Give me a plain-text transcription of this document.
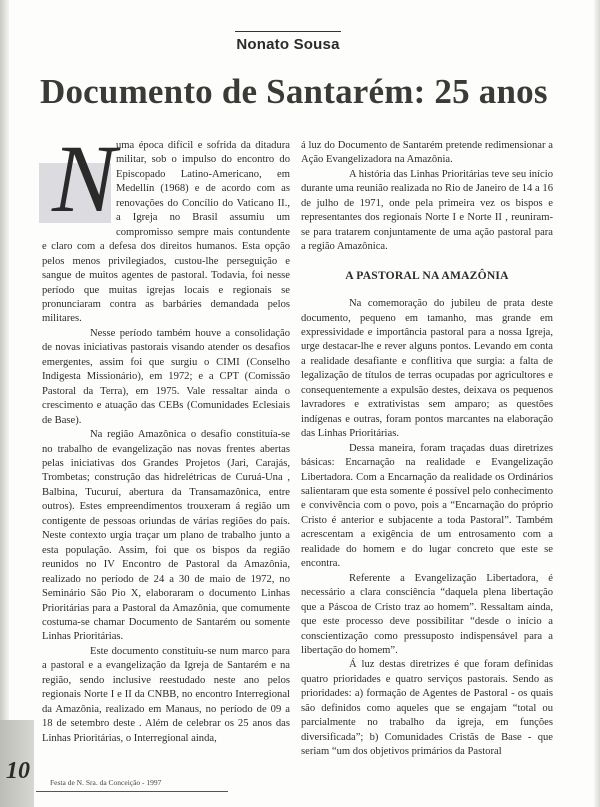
Nonato Sousa
Documento de Santarém: 25 anos
N uma época difícil e sofrida da ditadura militar, sob o impulso do encontro do Episcopado Latino-Americano, em Medellín (1968) e de acordo com as renovações do Concílio do Vaticano II., a Igreja no Brasil assumiu um compromisso sempre mais contundente e claro com a defesa dos direitos humanos. Esta opção pelos menos privilegiados, custou-lhe perseguição e sangue de muitos agentes de pastoral. Todavia, foi nesse período que muitas igrejas locais e regionais se pronunciaram contra as barbáries demandada pelos militares.

Nesse período também houve a consolidação de novas iniciativas pastorais visando atender os desafios emergentes, assim foi que surgiu o CIMI (Conselho Indigesta Missionário), em 1972; e a CPT (Comissão Pastoral da Terra), em 1975. Vale ressaltar ainda o crescimento e atuação das CEBs (Comunidades Eclesiais de Base).

Na região Amazônica o desafio constituía-se no trabalho de evangelização nas novas frentes abertas pelas iniciativas dos Grandes Projetos (Jari, Carajás, Trombetas; construção das hidrelétricas de Curuá-Una , Balbina, Tucuruí, abertura da Transamazônica, entre outros). Estes empreendimentos trouxeram á região um contigente de pessoas oriundas de várias regiões do país. Neste contexto urgia traçar um plano de trabalho junto a esta população. Assim, foi que os bispos da região reunidos no IV Encontro de Pastoral da Amazônia, realizado no período de 24 a 30 de maio de 1972, no Seminário São Pio X, elaboraram o documento Linhas Prioritárias para a Pastoral da Amazônia, que comumente costuma-se chamar Documento de Santarém ou somente Linhas Prioritárias.

Este documento constituiu-se num marco para a pastoral e a evangelização da Igreja de Santarém e na região, sendo inclusive reestudado neste ano pelos regionais Norte I e II da CNBB, no encontro Interregional da Amazônia, realizado em Manaus, no período de 09 a 18 de setembro deste . Além de celebrar os 25 anos das Linhas Prioritárias, o Interregional ainda,

á luz do Documento de Santarém pretende redimensionar a Ação Evangelizadora na Amazônia.

A história das Linhas Prioritárias teve seu início durante uma reunião realizada no Rio de Janeiro de 14 a 16 de julho de 1971, onde pela primeira vez os bispos e representantes dos regionais Norte I e Norte II , reuniram-se para tratarem conjuntamente de uma ação pastoral para a região Amazônica.

A PASTORAL NA AMAZÔNIA

Na comemoração do jubileu de prata deste documento, pequeno em tamanho, mas grande em expressividade e importância pastoral para a nossa Igreja, urge destacar-lhe e rever alguns pontos. Levando em conta a realidade desafiante e conflitiva que surgia: a falta de legalização de títulos de terras ocupadas por agricultores e consequentemente a expulsão destes, deixava os pequenos lavradores e extrativistas sem amparo; as questões indígenas e outras, foram pontos marcantes na elaboração das Linhas Prioritárias.

Dessa maneira, foram traçadas duas diretrizes básicas: Encarnação na realidade e Evangelização Libertadora. Com a Encarnação da realidade os Ordinários salientaram que esta somente é possível pelo conhecimento e convivência com o povo, pois a “Encarnação do próprio Cristo é anterior e subjacente a toda Pastoral”. Também acrescentam a exigência de um entrosamento com a realidade do homem e do lugar concreto que este se encontra.

Referente a Evangelização Libertadora, é necessário a clara consciência “daquela plena libertação que a Páscoa de Cristo traz ao homem”. Ressaltam ainda, que este processo deve possibilitar “desde o início a conscientização como pressuposto indispensável para a libertação do homem”.

Á luz destas diretrizes é que foram definidas quatro prioridades e quatro serviços pastorais. Sendo as prioridades: a) formação de Agentes de Pastoral - os quais são definidos como aqueles que se engajam “total ou parcialmente no trabalho da igreja, em funções diversificada”; b) Comunidades Cristãs de Base - que seriam “um dos objetivos primários da Pastoral

10	Festa de N. Sra. da Conceição - 1997
